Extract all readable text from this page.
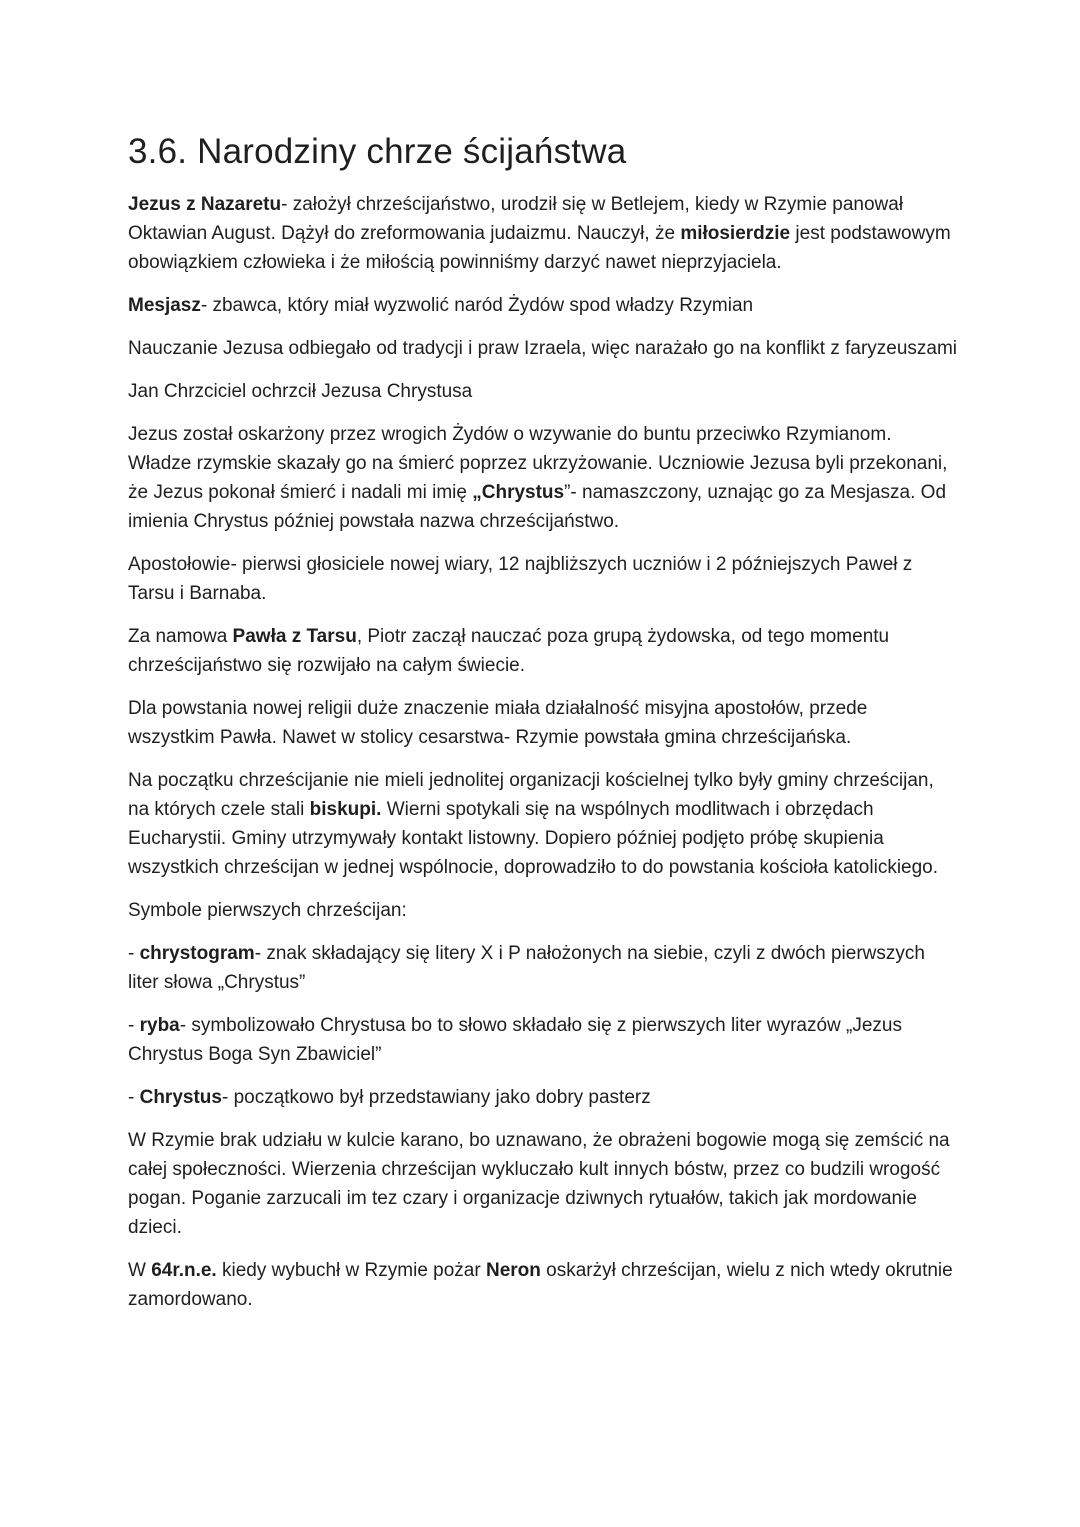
3.6. Narodziny chrze ścijaństwa

Jezus z Nazaretu- założył chrześcijaństwo, urodził się w Betlejem, kiedy w Rzymie panował Oktawian August. Dążył do zreformowania judaizmu. Nauczył, że miłosierdzie jest podstawowym obowiązkiem człowieka i że miłością powinniśmy darzyć nawet nieprzyjaciela.

Mesjasz- zbawca, który miał wyzwolić naród Żydów spod władzy Rzymian

Nauczanie Jezusa odbiegało od tradycji i praw Izraela, więc narażało go na konflikt z faryzeuszami

Jan Chrzciciel ochrzcił Jezusa Chrystusa

Jezus został oskarżony przez wrogich Żydów o wzywanie do buntu przeciwko Rzymianom. Władze rzymskie skazały go na śmierć poprzez ukrzyżowanie. Uczniowie Jezusa byli przekonani, że Jezus pokonał śmierć i nadali mi imię „Chrystus”- namaszczony, uznając go za Mesjasza. Od imienia Chrystus później powstała nazwa chrześcijaństwo.

Apostołowie- pierwsi głosiciele nowej wiary, 12 najbliższych uczniów i 2 późniejszych Paweł z Tarsu i Barnaba.

Za namowa Pawła z Tarsu, Piotr zaczął nauczać poza grupą żydowska, od tego momentu chrześcijaństwo się rozwijało na całym świecie.

Dla powstania nowej religii duże znaczenie miała działalność misyjna apostołów, przede wszystkim Pawła. Nawet w stolicy cesarstwa- Rzymie powstała gmina chrześcijańska.

Na początku chrześcijanie nie mieli jednolitej organizacji kościelnej tylko były gminy chrześcijan, na których czele stali biskupi. Wierni spotykali się na wspólnych modlitwach i obrzędach Eucharystii. Gminy utrzymywały kontakt listowny. Dopiero później podjęto próbę skupienia wszystkich chrześcijan w jednej wspólnocie, doprowadziło to do powstania kościoła katolickiego.

Symbole pierwszych chrześcijan:

- chrystogram- znak składający się litery X i P nałożonych na siebie, czyli z dwóch pierwszych liter słowa „Chrystus”

- ryba- symbolizowało Chrystusa bo to słowo składało się z pierwszych liter wyrazów „Jezus Chrystus Boga Syn Zbawiciel”

- Chrystus- początkowo był przedstawiany jako dobry pasterz

W Rzymie brak udziału w kulcie karano, bo uznawano, że obrażeni bogowie mogą się zemścić na całej społeczności. Wierzenia chrześcijan wykluczało kult innych bóstw, przez co budzili wrogość pogan. Poganie zarzucali im tez czary i organizacje dziwnych rytuałów, takich jak mordowanie dzieci.

W 64r.n.e. kiedy wybuchł w Rzymie pożar Neron oskarżył chrześcijan, wielu z nich wtedy okrutnie zamordowano.
